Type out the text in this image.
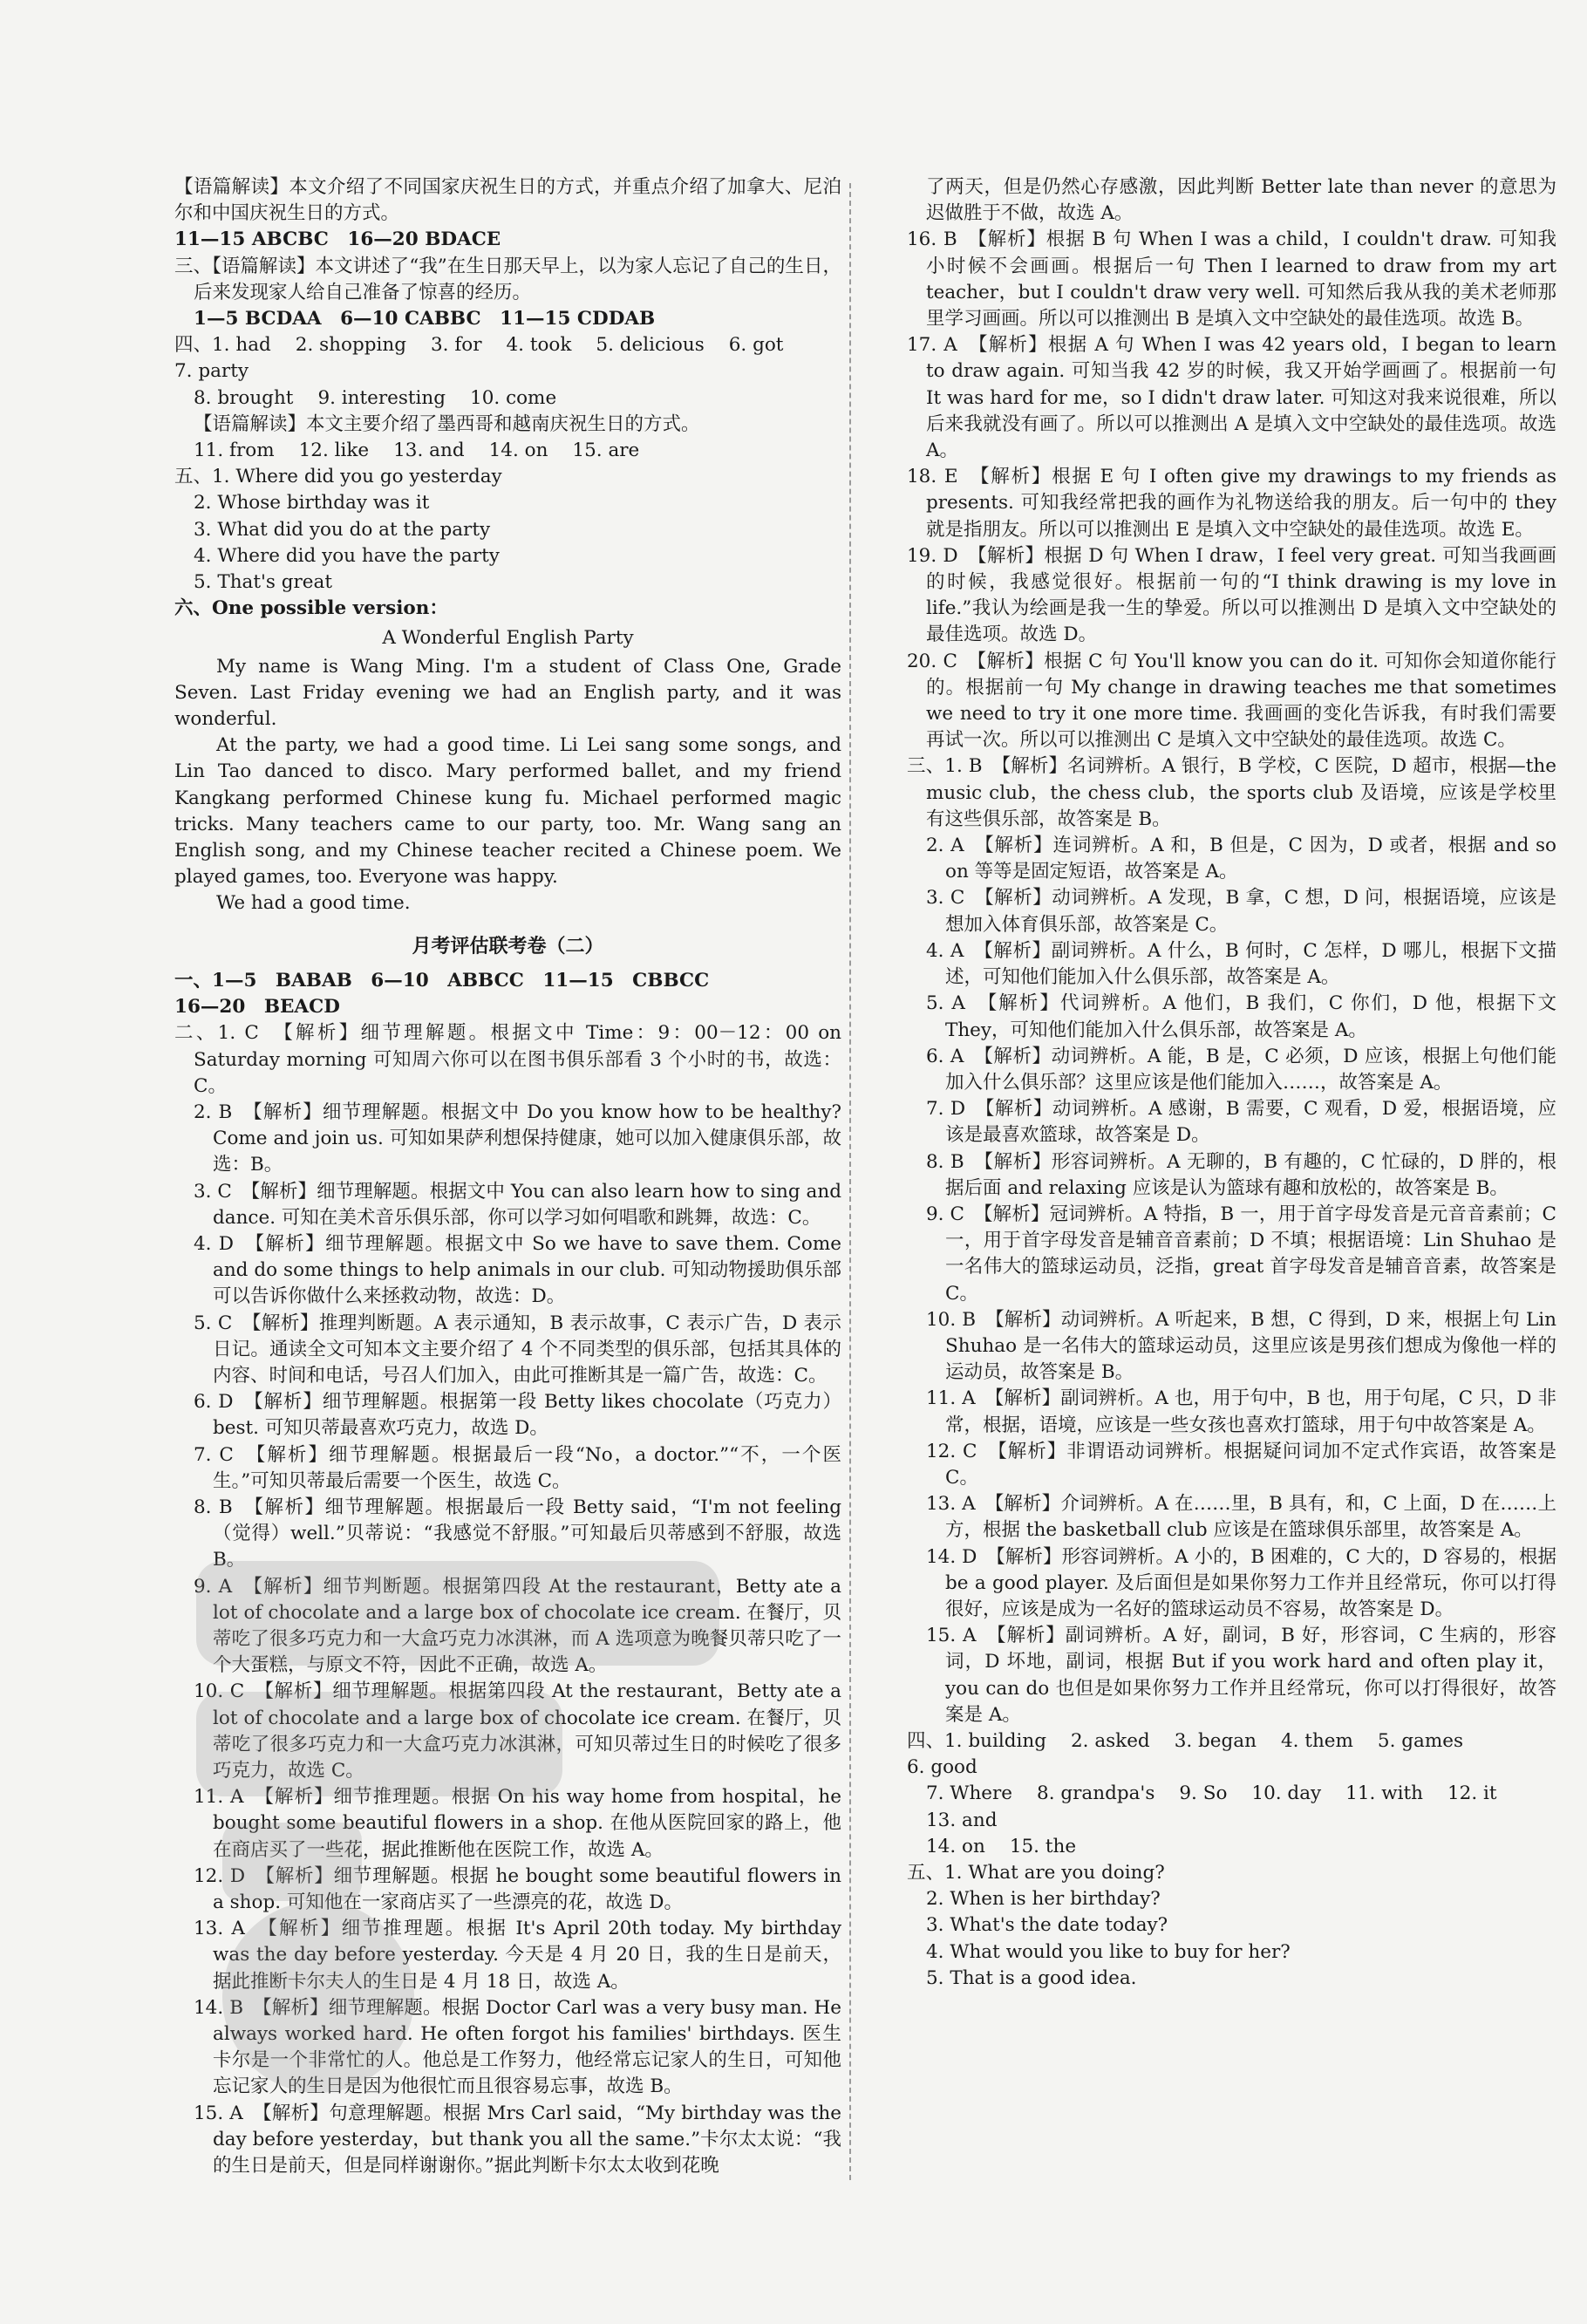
【语篇解读】本文介绍了不同国家庆祝生日的方式，并重点介绍了加拿大、尼泊尔和中国庆祝生日的方式。

11—15 ABCBC　16—20 BDACE

三、【语篇解读】本文讲述了“我”在生日那天早上，以为家人忘记了自己的生日，后来发现家人给自己准备了惊喜的经历。

1—5 BCDAA　6—10 CABBC　11—15 CDDAB

四、1. had 2. shopping 3. for 4. took 5. delicious 6. got
7. party
8. brought 9. interesting 10. come

【语篇解读】本文主要介绍了墨西哥和越南庆祝生日的方式。

11. from 12. like 13. and 14. on 15. are

五、1. Where did you go yesterday

2. Whose birthday was it

3. What did you do at the party

4. Where did you have the party

5. That's great

六、One possible version：

A Wonderful English Party

My name is Wang Ming. I'm a student of Class One, Grade Seven. Last Friday evening we had an English party, and it was wonderful.

At the party, we had a good time. Li Lei sang some songs, and Lin Tao danced to disco. Mary performed ballet, and my friend Kangkang performed Chinese kung fu. Michael performed magic tricks. Many teachers came to our party, too. Mr. Wang sang an English song, and my Chinese teacher recited a Chinese poem. We played games, too. Everyone was happy.

We had a good time.

月考评估联考卷（二）

一、1—5　BABAB　6—10　ABBCC　11—15　CBBCC

16—20　BEACD

二、1. C　【解析】细节理解题。根据文中 Time：9：00－12：00 on Saturday morning 可知周六你可以在图书俱乐部看 3 个小时的书，故选：C。

2. B　【解析】细节理解题。根据文中 Do you know how to be healthy? Come and join us. 可知如果萨利想保持健康，她可以加入健康俱乐部，故选：B。

3. C　【解析】细节理解题。根据文中 You can also learn how to sing and dance. 可知在美术音乐俱乐部，你可以学习如何唱歌和跳舞，故选：C。

4. D　【解析】细节理解题。根据文中 So we have to save them. Come and do some things to help animals in our club. 可知动物援助俱乐部可以告诉你做什么来拯救动物，故选：D。

5. C　【解析】推理判断题。A 表示通知，B 表示故事，C 表示广告，D 表示日记。通读全文可知本文主要介绍了 4 个不同类型的俱乐部，包括其具体的内容、时间和电话，号召人们加入，由此可推断其是一篇广告，故选：C。

6. D　【解析】细节理解题。根据第一段 Betty likes chocolate（巧克力）best. 可知贝蒂最喜欢巧克力，故选 D。

7. C　【解析】细节理解题。根据最后一段“No，a doctor.”“不，一个医生。”可知贝蒂最后需要一个医生，故选 C。

8. B　【解析】细节理解题。根据最后一段 Betty said，“I'm not feeling（觉得）well.”贝蒂说：“我感觉不舒服。”可知最后贝蒂感到不舒服，故选 B。

9. A　【解析】细节判断题。根据第四段 At the restaurant，Betty ate a lot of chocolate and a large box of chocolate ice cream. 在餐厅，贝蒂吃了很多巧克力和一大盒巧克力冰淇淋，而 A 选项意为晚餐贝蒂只吃了一个大蛋糕，与原文不符，因此不正确，故选 A。

10. C　【解析】细节理解题。根据第四段 At the restaurant，Betty ate a lot of chocolate and a large box of chocolate ice cream. 在餐厅，贝蒂吃了很多巧克力和一大盒巧克力冰淇淋，可知贝蒂过生日的时候吃了很多巧克力，故选 C。

11. A　【解析】细节推理题。根据 On his way home from hospital，he bought some beautiful flowers in a shop. 在他从医院回家的路上，他在商店买了一些花，据此推断他在医院工作，故选 A。

12. D　【解析】细节理解题。根据 he bought some beautiful flowers in a shop. 可知他在一家商店买了一些漂亮的花，故选 D。

13. A　【解析】细节推理题。根据 It's April 20th today. My birthday was the day before yesterday. 今天是 4 月 20 日，我的生日是前天，据此推断卡尔夫人的生日是 4 月 18 日，故选 A。

14. B　【解析】细节理解题。根据 Doctor Carl was a very busy man. He always worked hard. He often forgot his families' birthdays. 医生卡尔是一个非常忙的人。他总是工作努力，他经常忘记家人的生日，可知他忘记家人的生日是因为他很忙而且很容易忘事，故选 B。

15. A　【解析】句意理解题。根据 Mrs Carl said，“My birthday was the day before yesterday，but thank you all the same.”卡尔太太说：“我的生日是前天，但是同样谢谢你。”据此判断卡尔太太收到花晚

了两天，但是仍然心存感激，因此判断 Better late than never 的意思为迟做胜于不做，故选 A。

16. B　【解析】根据 B 句 When I was a child，I couldn't draw. 可知我小时候不会画画。根据后一句 Then I learned to draw from my art teacher，but I couldn't draw very well. 可知然后我从我的美术老师那里学习画画。所以可以推测出 B 是填入文中空缺处的最佳选项。故选 B。

17. A　【解析】根据 A 句 When I was 42 years old，I began to learn to draw again. 可知当我 42 岁的时候，我又开始学画画了。根据前一句 It was hard for me，so I didn't draw later. 可知这对我来说很难，所以后来我就没有画了。所以可以推测出 A 是填入文中空缺处的最佳选项。故选 A。

18. E　【解析】根据 E 句 I often give my drawings to my friends as presents. 可知我经常把我的画作为礼物送给我的朋友。后一句中的 they 就是指朋友。所以可以推测出 E 是填入文中空缺处的最佳选项。故选 E。

19. D　【解析】根据 D 句 When I draw，I feel very great. 可知当我画画的时候，我感觉很好。根据前一句的“I think drawing is my love in life.”我认为绘画是我一生的挚爱。所以可以推测出 D 是填入文中空缺处的最佳选项。故选 D。

20. C　【解析】根据 C 句 You'll know you can do it. 可知你会知道你能行的。根据前一句 My change in drawing teaches me that sometimes we need to try it one more time. 我画画的变化告诉我，有时我们需要再试一次。所以可以推测出 C 是填入文中空缺处的最佳选项。故选 C。

三、1. B　【解析】名词辨析。A 银行，B 学校，C 医院，D 超市，根据—the music club，the chess club，the sports club 及语境，应该是学校里有这些俱乐部，故答案是 B。

2. A　【解析】连词辨析。A 和，B 但是，C 因为，D 或者，根据 and so on 等等是固定短语，故答案是 A。

3. C　【解析】动词辨析。A 发现，B 拿，C 想，D 问，根据语境，应该是想加入体育俱乐部，故答案是 C。

4. A　【解析】副词辨析。A 什么，B 何时，C 怎样，D 哪儿，根据下文描述，可知他们能加入什么俱乐部，故答案是 A。

5. A　【解析】代词辨析。A 他们，B 我们，C 你们，D 他，根据下文 They，可知他们能加入什么俱乐部，故答案是 A。

6. A　【解析】动词辨析。A 能，B 是，C 必须，D 应该，根据上句他们能加入什么俱乐部？这里应该是他们能加入……，故答案是 A。

7. D　【解析】动词辨析。A 感谢，B 需要，C 观看，D 爱，根据语境，应该是最喜欢篮球，故答案是 D。

8. B　【解析】形容词辨析。A 无聊的，B 有趣的，C 忙碌的，D 胖的，根据后面 and relaxing 应该是认为篮球有趣和放松的，故答案是 B。

9. C　【解析】冠词辨析。A 特指，B 一，用于首字母发音是元音音素前；C 一，用于首字母发音是辅音音素前；D 不填；根据语境：Lin Shuhao 是一名伟大的篮球运动员，泛指，great 首字母发音是辅音音素，故答案是 C。

10. B　【解析】动词辨析。A 听起来，B 想，C 得到，D 来，根据上句 Lin Shuhao 是一名伟大的篮球运动员，这里应该是男孩们想成为像他一样的运动员，故答案是 B。

11. A　【解析】副词辨析。A 也，用于句中，B 也，用于句尾，C 只，D 非常，根据，语境，应该是一些女孩也喜欢打篮球，用于句中故答案是 A。

12. C　【解析】非谓语动词辨析。根据疑问词加不定式作宾语，故答案是 C。

13. A　【解析】介词辨析。A 在……里，B 具有，和，C 上面，D 在……上方，根据 the basketball club 应该是在篮球俱乐部里，故答案是 A。

14. D　【解析】形容词辨析。A 小的，B 困难的，C 大的，D 容易的，根据 be a good player. 及后面但是如果你努力工作并且经常玩，你可以打得很好，应该是成为一名好的篮球运动员不容易，故答案是 D。

15. A　【解析】副词辨析。A 好，副词，B 好，形容词，C 生病的，形容词，D 坏地，副词，根据 But if you work hard and often play it，you can do 也但是如果你努力工作并且经常玩，你可以打得很好，故答案是 A。

四、1. building 2. asked 3. began 4. them 5. games
6. good
7. Where 8. grandpa's 9. So 10. day 11. with 12. it
13. and
14. on 15. the

五、1. What are you doing?

2. When is her birthday?

3. What's the date today?

4. What would you like to buy for her?

5. That is a good idea.
